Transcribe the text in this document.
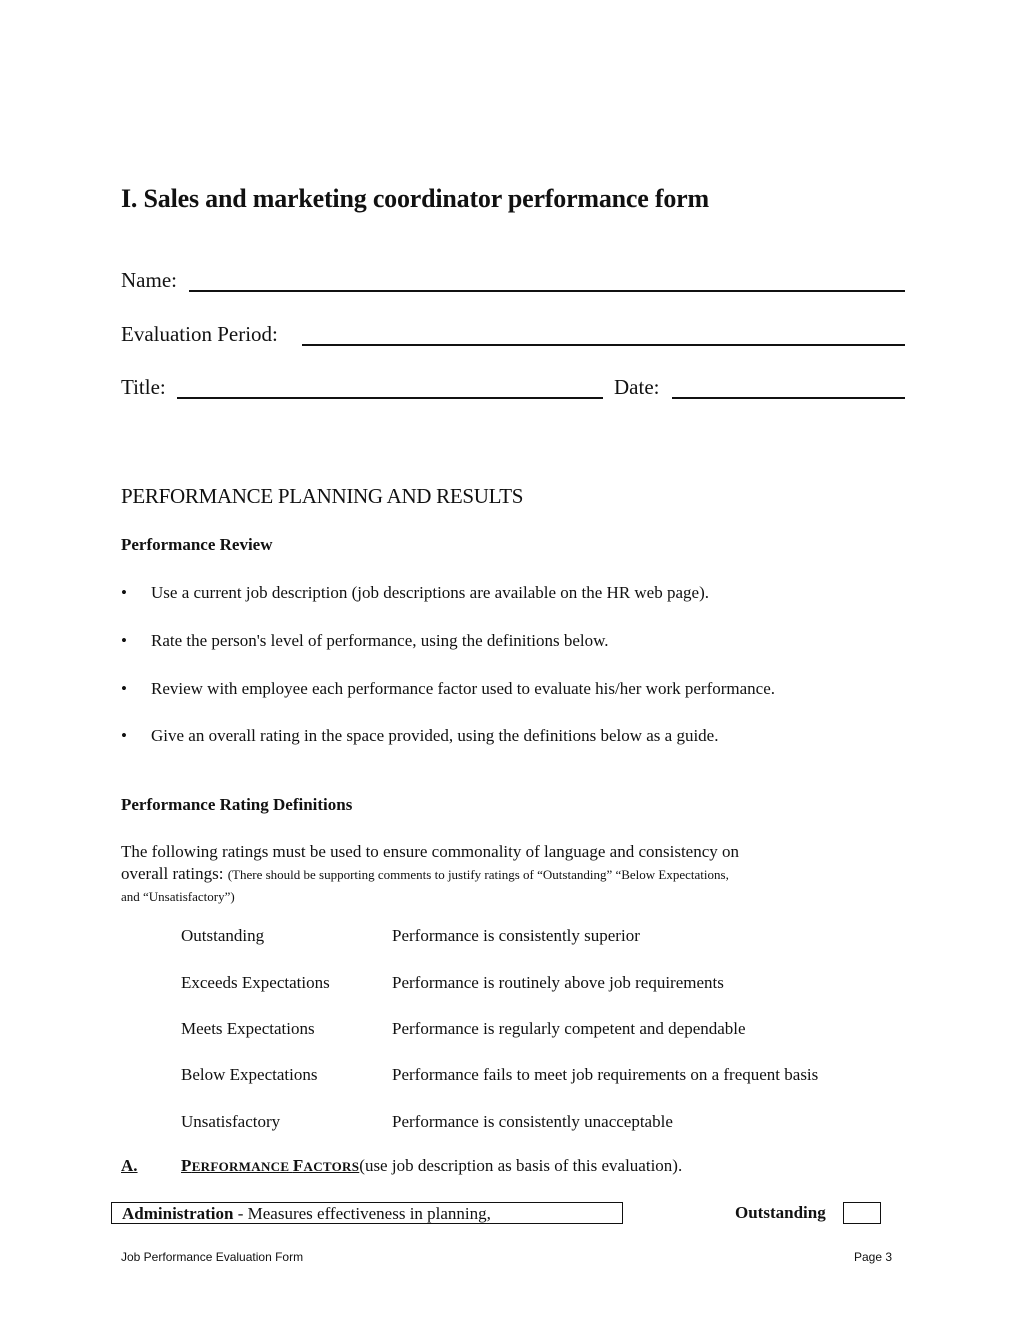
I. Sales and marketing coordinator performance form
Name:
Evaluation Period:
Title:	Date:
PERFORMANCE PLANNING AND RESULTS
Performance Review
• Use a current job description (job descriptions are available on the HR web page).
• Rate the person's level of performance, using the definitions below.
• Review with employee each performance factor used to evaluate his/her work performance.
• Give an overall rating in the space provided, using the definitions below as a guide.
Performance Rating Definitions
The following ratings must be used to ensure commonality of language and consistency on
overall ratings: (There should be supporting comments to justify ratings of “Outstanding” “Below Expectations,
and “Unsatisfactory”)
Outstanding	Performance is consistently superior
Exceeds Expectations	Performance is routinely above job requirements
Meets Expectations	Performance is regularly competent and dependable
Below Expectations	Performance fails to meet job requirements on a frequent basis
Unsatisfactory	Performance is consistently unacceptable
A.	PERFORMANCE FACTORS(use job description as basis of this evaluation).
Administration - Measures effectiveness in planning,	Outstanding
Job Performance Evaluation Form	Page 3
